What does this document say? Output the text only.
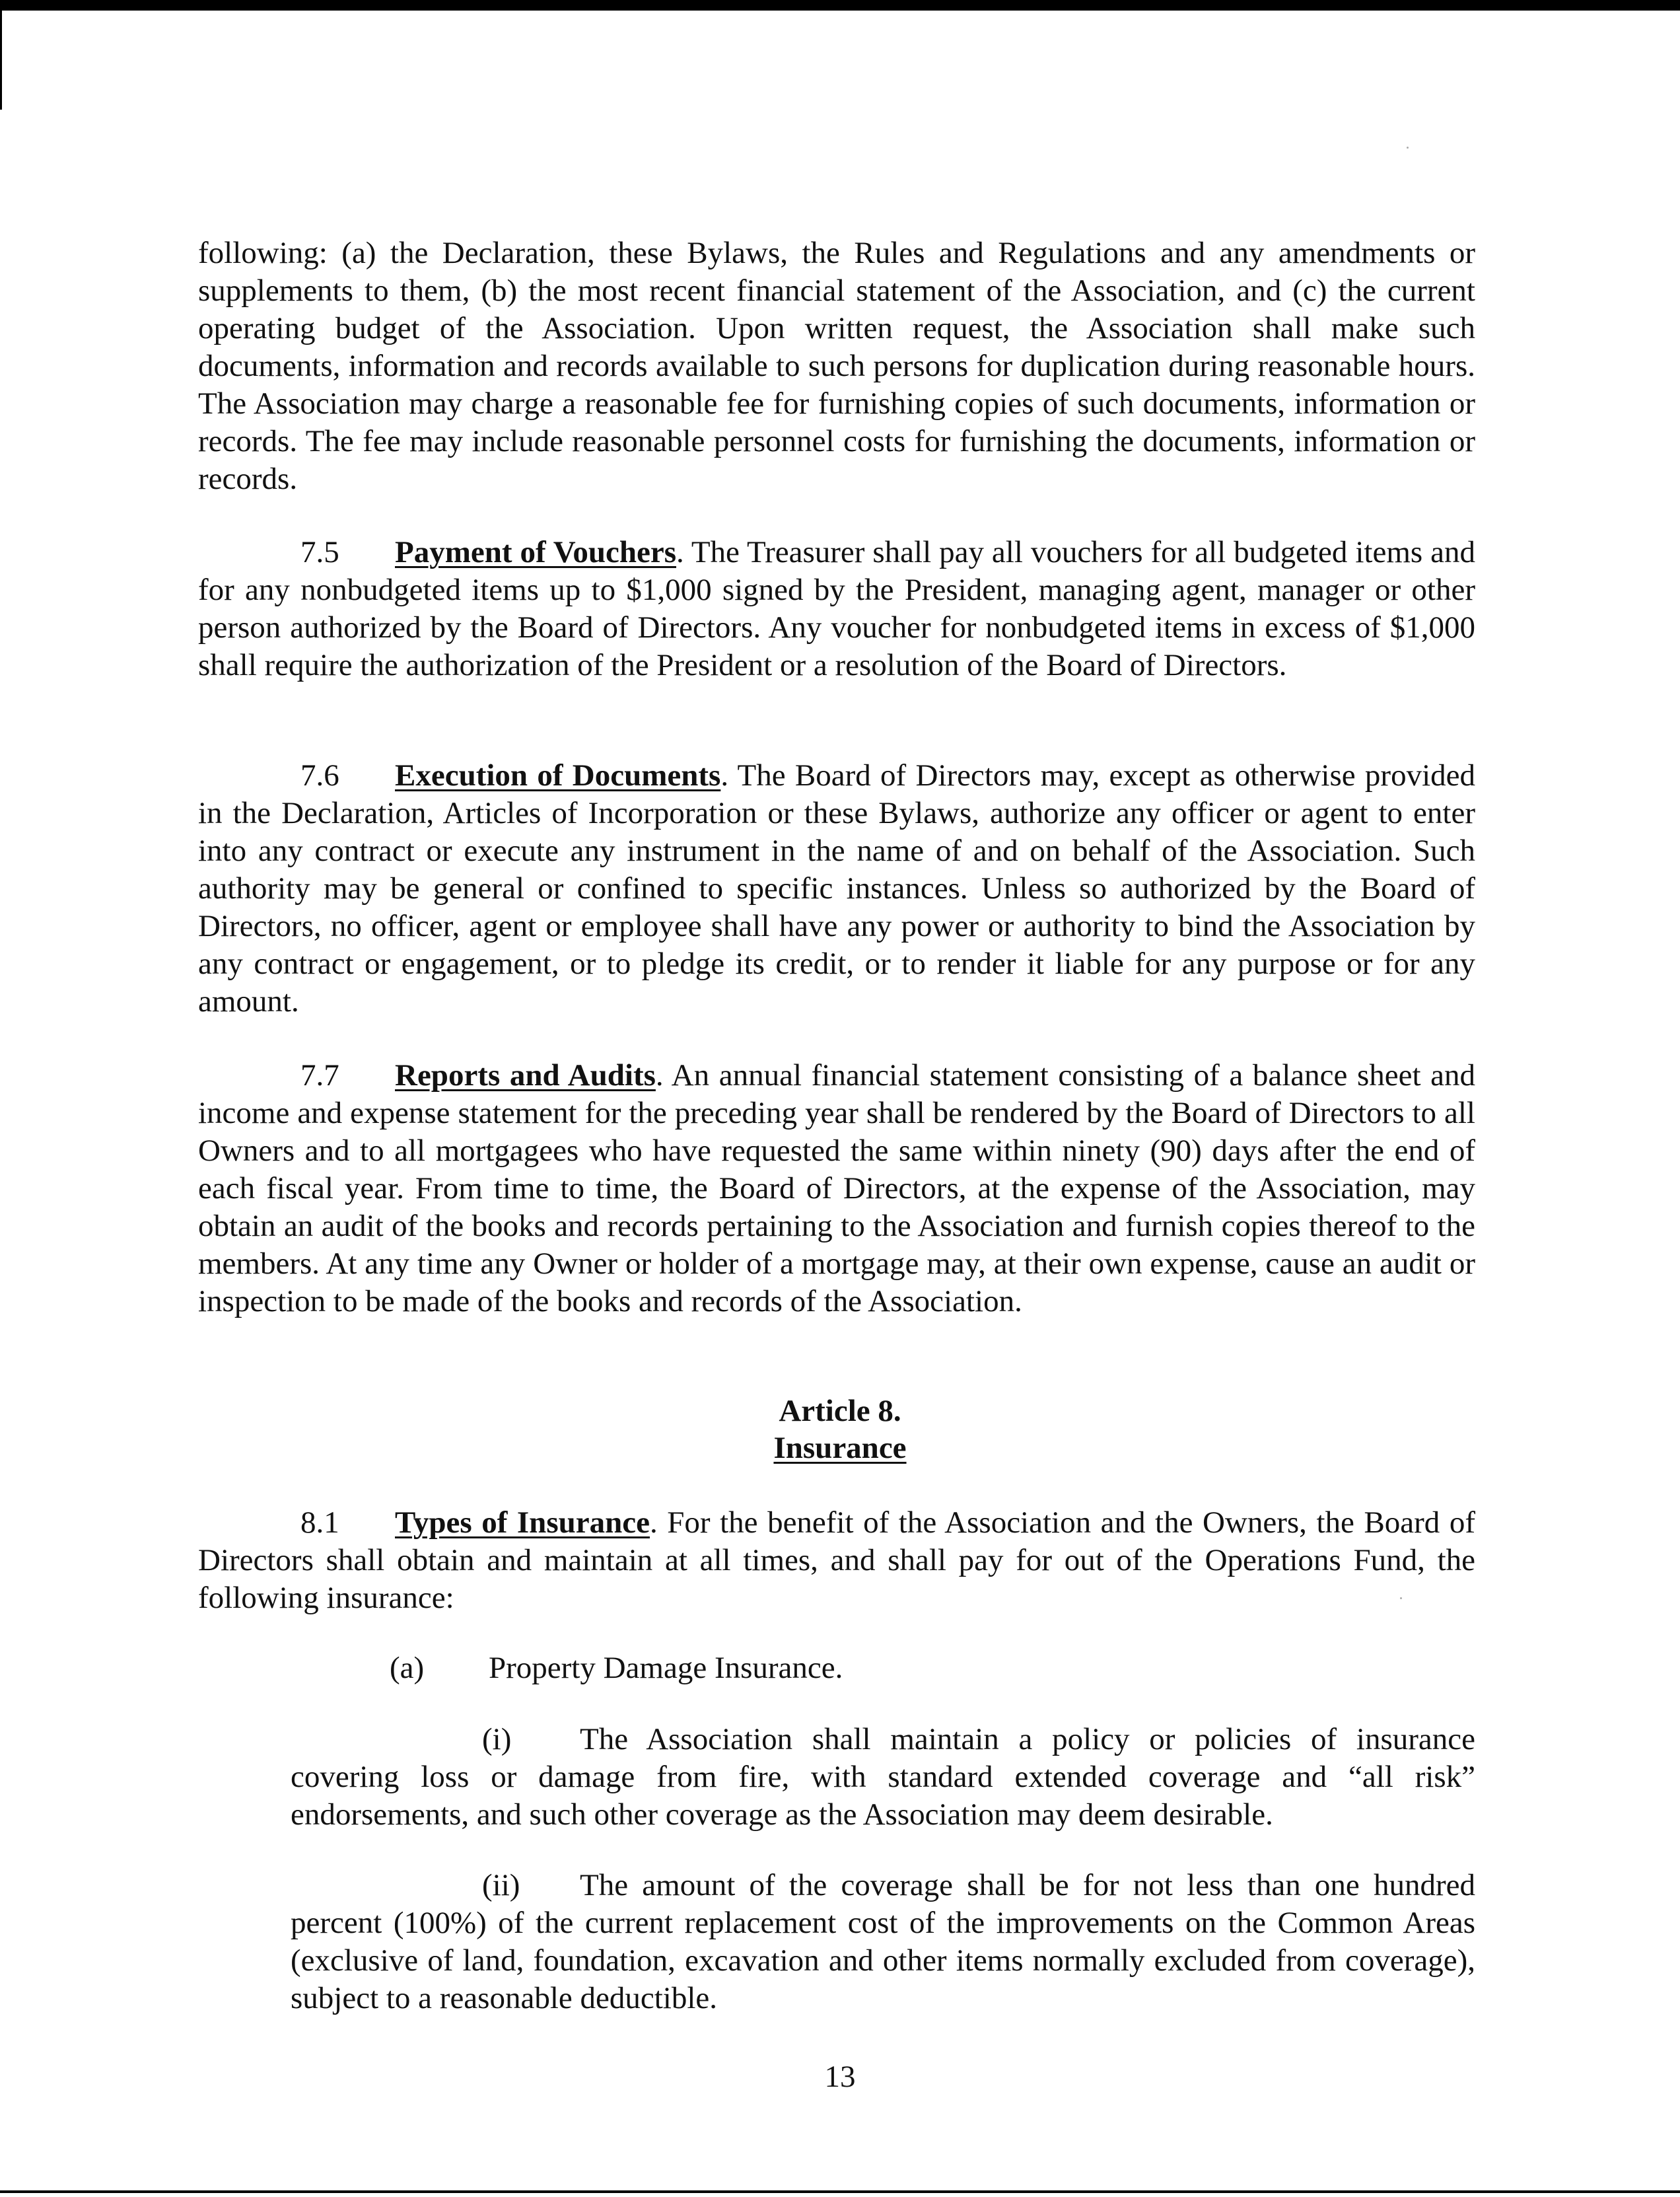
following: (a) the Declaration, these Bylaws, the Rules and Regulations and any amendments or supplements to them, (b) the most recent financial statement of the Association, and (c) the current operating budget of the Association. Upon written request, the Association shall make such documents, information and records available to such persons for duplication during reasonable hours. The Association may charge a reasonable fee for furnishing copies of such documents, information or records. The fee may include reasonable personnel costs for furnishing the documents, information or records.

7.5 Payment of Vouchers. The Treasurer shall pay all vouchers for all budgeted items and for any nonbudgeted items up to $1,000 signed by the President, managing agent, manager or other person authorized by the Board of Directors. Any voucher for nonbudgeted items in excess of $1,000 shall require the authorization of the President or a resolution of the Board of Directors.

7.6 Execution of Documents. The Board of Directors may, except as otherwise provided in the Declaration, Articles of Incorporation or these Bylaws, authorize any officer or agent to enter into any contract or execute any instrument in the name of and on behalf of the Association. Such authority may be general or confined to specific instances. Unless so authorized by the Board of Directors, no officer, agent or employee shall have any power or authority to bind the Association by any contract or engagement, or to pledge its credit, or to render it liable for any purpose or for any amount.

7.7 Reports and Audits. An annual financial statement consisting of a balance sheet and income and expense statement for the preceding year shall be rendered by the Board of Directors to all Owners and to all mortgagees who have requested the same within ninety (90) days after the end of each fiscal year. From time to time, the Board of Directors, at the expense of the Association, may obtain an audit of the books and records pertaining to the Association and furnish copies thereof to the members. At any time any Owner or holder of a mortgage may, at their own expense, cause an audit or inspection to be made of the books and records of the Association.

Article 8.

Insurance

8.1 Types of Insurance. For the benefit of the Association and the Owners, the Board of Directors shall obtain and maintain at all times, and shall pay for out of the Operations Fund, the following insurance:

(a) Property Damage Insurance.

(i) The Association shall maintain a policy or policies of insurance covering loss or damage from fire, with standard extended coverage and “all risk” endorsements, and such other coverage as the Association may deem desirable.

(ii) The amount of the coverage shall be for not less than one hundred percent (100%) of the current replacement cost of the improvements on the Common Areas (exclusive of land, foundation, excavation and other items normally excluded from coverage), subject to a reasonable deductible.

13
